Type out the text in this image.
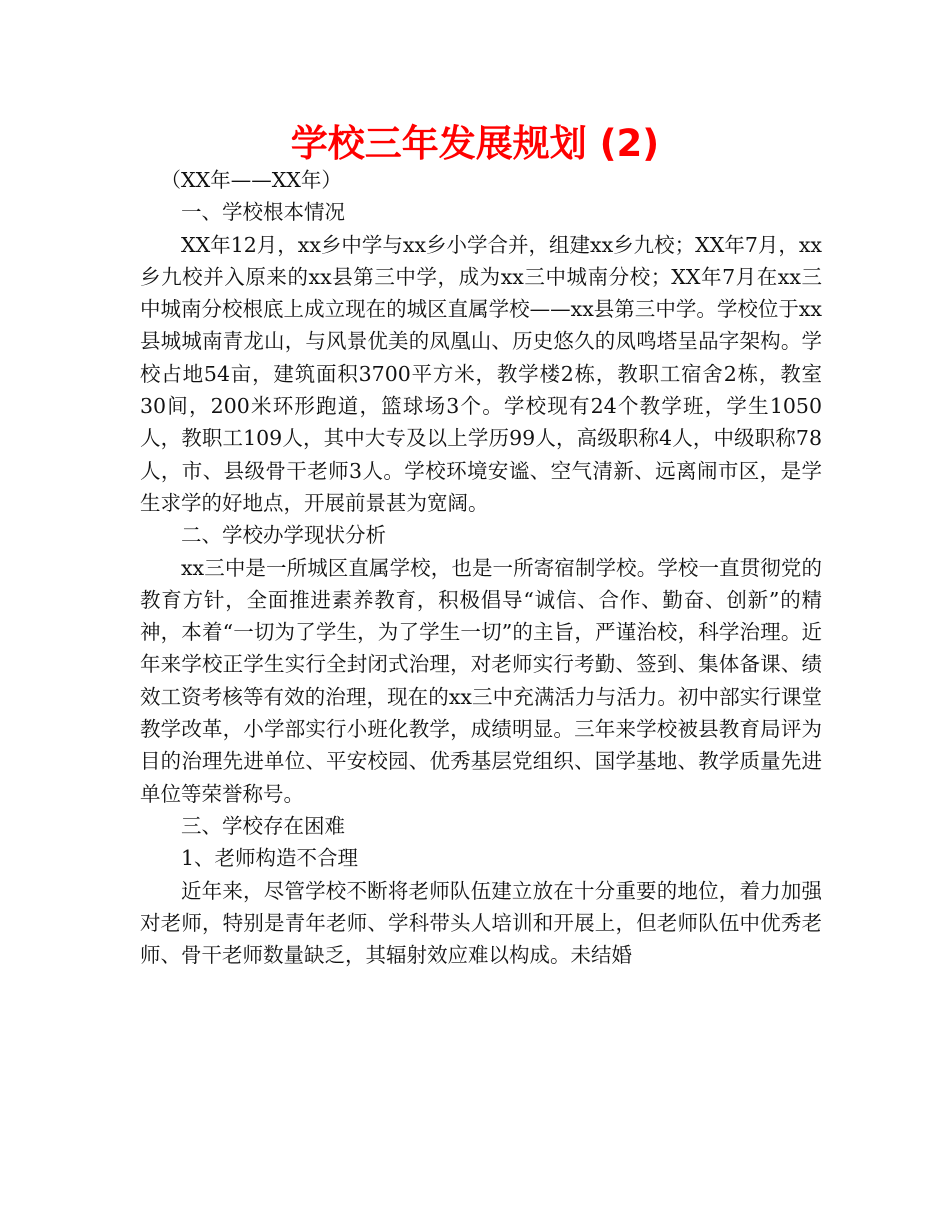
学校三年发展规划 (2)

（XX年——XX年）

一、学校根本情况

XX年12月，xx乡中学与xx乡小学合并，组建xx乡九校；XX年7月，xx乡九校并入原来的xx县第三中学，成为xx三中城南分校；XX年7月在xx三中城南分校根底上成立现在的城区直属学校——xx县第三中学。学校位于xx县城城南青龙山，与风景优美的凤凰山、历史悠久的凤鸣塔呈品字架构。学校占地54亩，建筑面积3700平方米，教学楼2栋，教职工宿舍2栋，教室30间，200米环形跑道，篮球场3个。学校现有24个教学班，学生1050人，教职工109人，其中大专及以上学历99人，高级职称4人，中级职称78人，市、县级骨干老师3人。学校环境安谧、空气清新、远离闹市区，是学生求学的好地点，开展前景甚为宽阔。

二、学校办学现状分析

xx三中是一所城区直属学校，也是一所寄宿制学校。学校一直贯彻党的教育方针，全面推进素养教育，积极倡导“诚信、合作、勤奋、创新”的精神，本着“一切为了学生，为了学生一切”的主旨，严谨治校，科学治理。近年来学校正学生实行全封闭式治理，对老师实行考勤、签到、集体备课、绩效工资考核等有效的治理，现在的xx三中充满活力与活力。初中部实行课堂教学改革，小学部实行小班化教学，成绩明显。三年来学校被县教育局评为目的治理先进单位、平安校园、优秀基层党组织、国学基地、教学质量先进单位等荣誉称号。

三、学校存在困难

1、老师构造不合理

近年来，尽管学校不断将老师队伍建立放在十分重要的地位，着力加强对老师，特别是青年老师、学科带头人培训和开展上，但老师队伍中优秀老师、骨干老师数量缺乏，其辐射效应难以构成。未结婚
